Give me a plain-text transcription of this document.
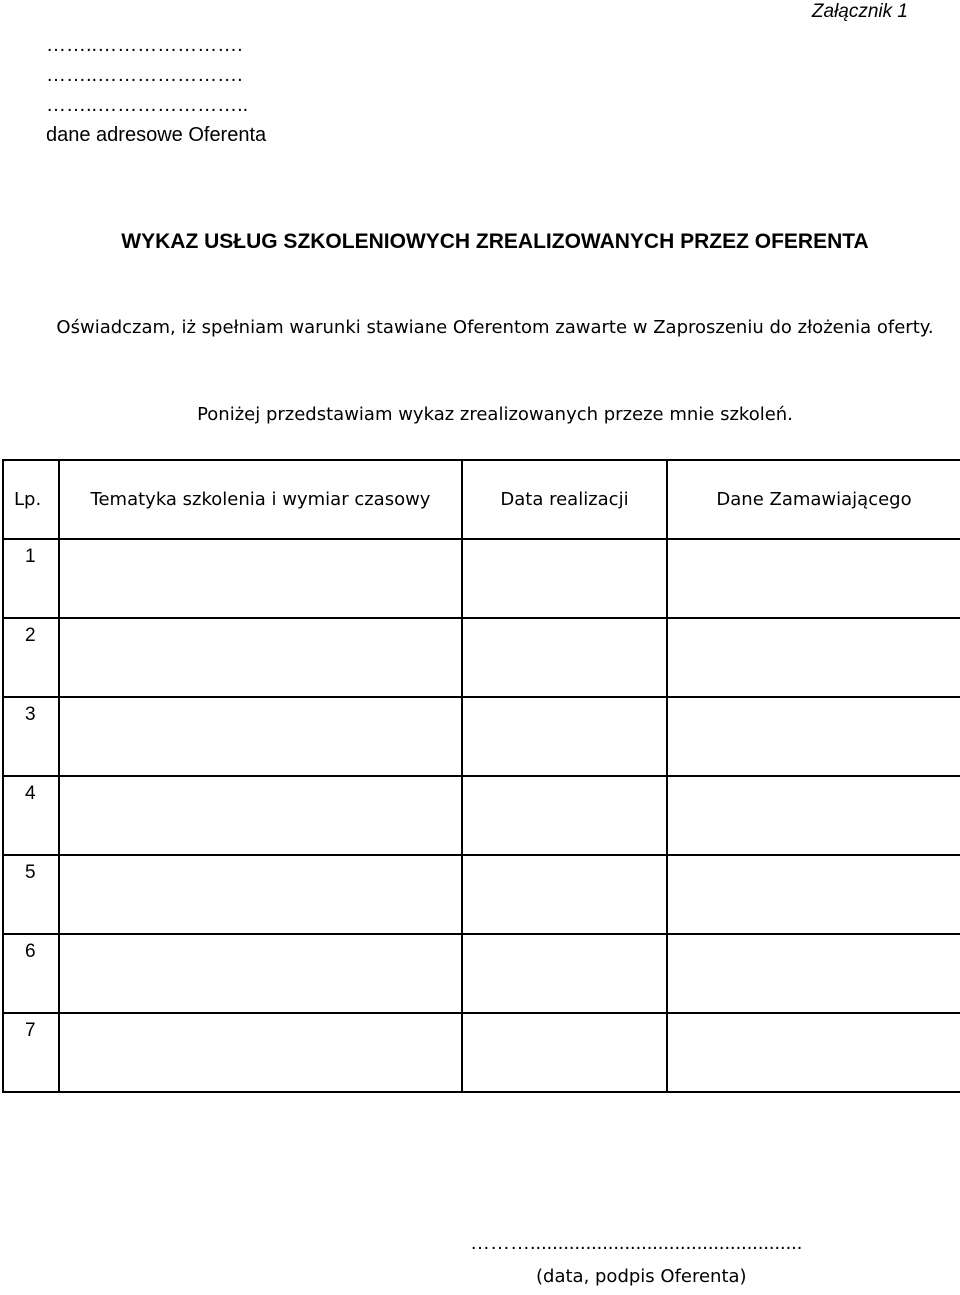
Załącznik 1
……..………………….
……..………………….
……..…………………..
dane adresowe Oferenta
WYKAZ USŁUG SZKOLENIOWYCH ZREALIZOWANYCH PRZEZ OFERENTA
Oświadczam, iż spełniam warunki stawiane Oferentom zawarte w Zaproszeniu do złożenia oferty.
Poniżej przedstawiam wykaz zrealizowanych przeze mnie szkoleń.
Lp.	Tematyka szkolenia i wymiar czasowy	Data realizacji	Dane Zamawiającego
1			
2			
3			
4			
5			
6			
7			
……….................................................
(data, podpis Oferenta)
